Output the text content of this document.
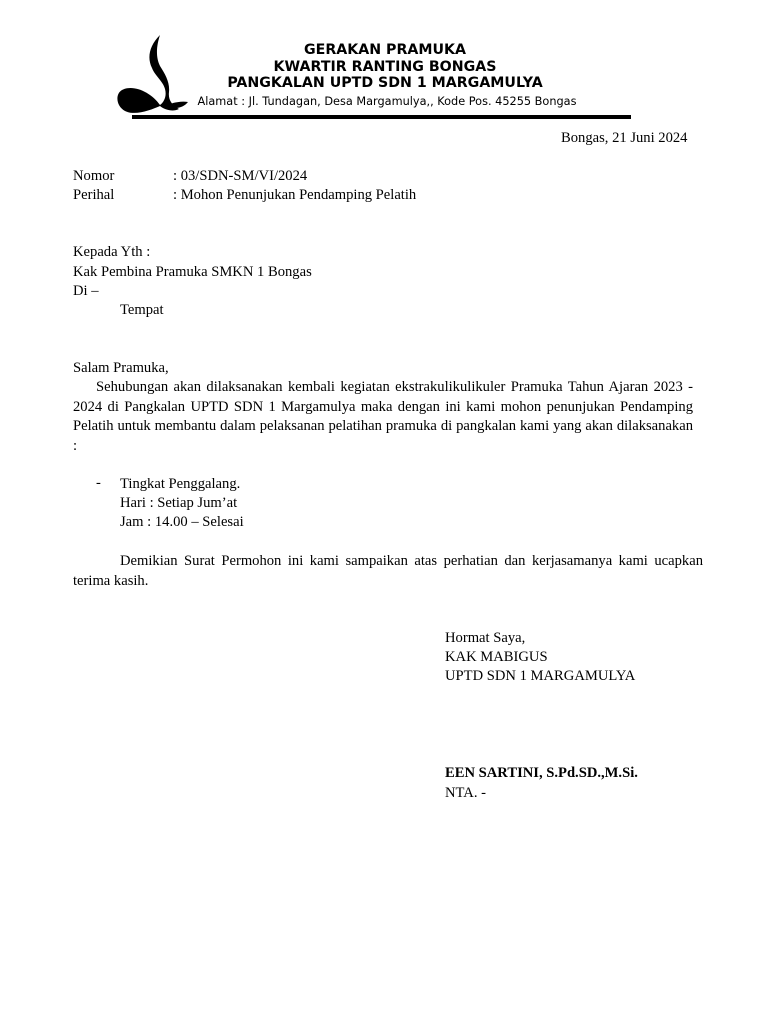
GERAKAN PRAMUKA
KWARTIR RANTING BONGAS
PANGKALAN UPTD SDN 1 MARGAMULYA
Alamat : Jl. Tundagan, Desa Margamulya,, Kode Pos. 45255 Bongas
Bongas, 21 Juni 2024
Nomor	: 03/SDN-SM/VI/2024
Perihal	: Mohon Penunjukan Pendamping Pelatih
Kepada Yth :
Kak Pembina Pramuka SMKN 1 Bongas
Di –
Tempat
Salam Pramuka,
Sehubungan akan dilaksanakan kembali kegiatan ekstrakulikulikuler Pramuka Tahun Ajaran 2023 - 2024 di Pangkalan UPTD SDN 1 Margamulya maka dengan ini kami mohon penunjukan Pendamping Pelatih untuk membantu dalam pelaksanan pelatihan pramuka di pangkalan kami yang akan dilaksanakan :
- Tingkat Penggalang.
Hari : Setiap Jum’at
Jam : 14.00 – Selesai
Demikian Surat Permohon ini kami sampaikan atas perhatian dan kerjasamanya kami ucapkan terima kasih.
Hormat Saya,
KAK MABIGUS
UPTD SDN 1 MARGAMULYA
EEN SARTINI, S.Pd.SD.,M.Si.
NTA. -
